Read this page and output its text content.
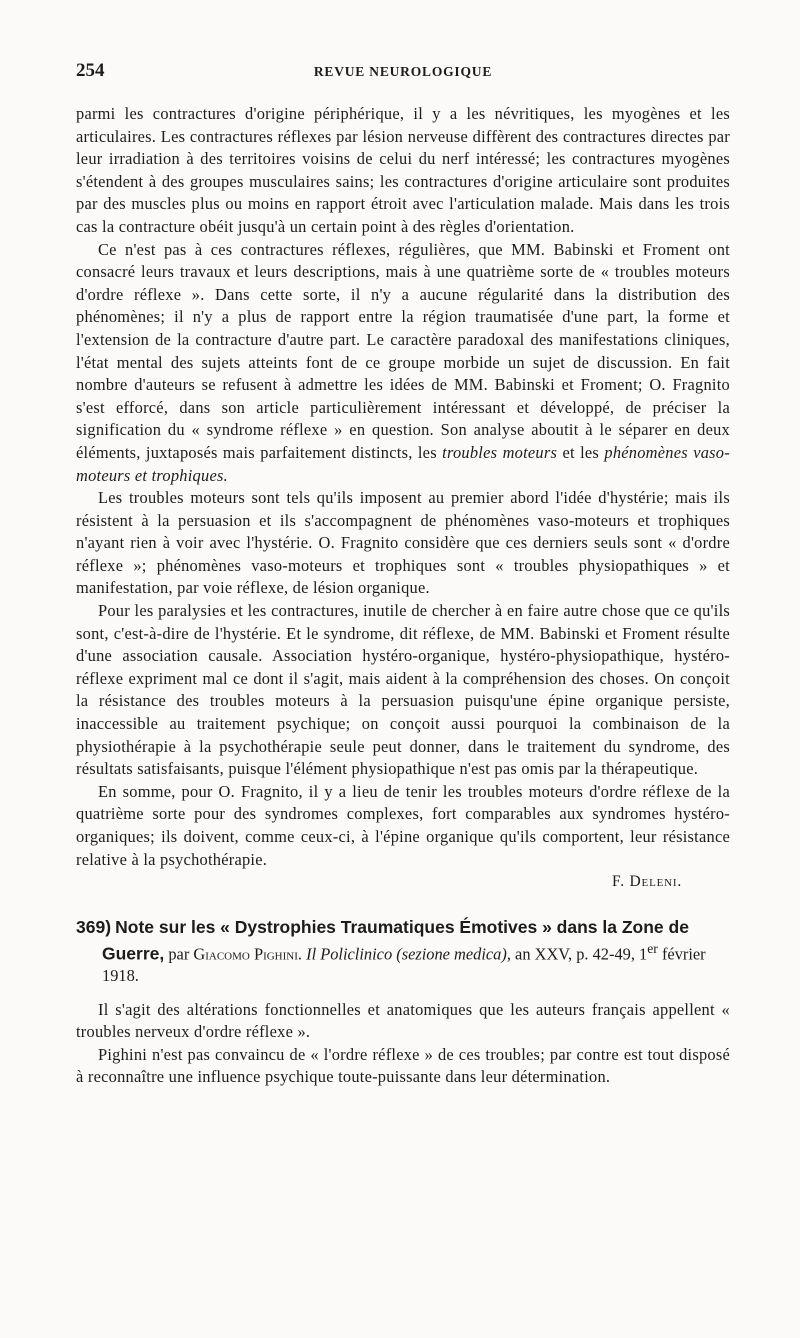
254	REVUE NEUROLOGIQUE

parmi les contractures d'origine périphérique, il y a les névritiques, les myogènes et les articulaires. Les contractures réflexes par lésion nerveuse diffèrent des contractures directes par leur irradiation à des territoires voisins de celui du nerf intéressé; les contractures myogènes s'étendent à des groupes musculaires sains; les contractures d'origine articulaire sont produites par des muscles plus ou moins en rapport étroit avec l'articulation malade. Mais dans les trois cas la contracture obéit jusqu'à un certain point à des règles d'orientation.

Ce n'est pas à ces contractures réflexes, régulières, que MM. Babinski et Froment ont consacré leurs travaux et leurs descriptions, mais à une quatrième sorte de « troubles moteurs d'ordre réflexe ». Dans cette sorte, il n'y a aucune régularité dans la distribution des phénomènes; il n'y a plus de rapport entre la région traumatisée d'une part, la forme et l'extension de la contracture d'autre part. Le caractère paradoxal des manifestations cliniques, l'état mental des sujets atteints font de ce groupe morbide un sujet de discussion. En fait nombre d'auteurs se refusent à admettre les idées de MM. Babinski et Froment; O. Fragnito s'est efforcé, dans son article particulièrement intéressant et développé, de préciser la signification du « syndrome réflexe » en question. Son analyse aboutit à le séparer en deux éléments, juxtaposés mais parfaitement distincts, les troubles moteurs et les phénomènes vaso-moteurs et trophiques.

Les troubles moteurs sont tels qu'ils imposent au premier abord l'idée d'hystérie; mais ils résistent à la persuasion et ils s'accompagnent de phénomènes vaso-moteurs et trophiques n'ayant rien à voir avec l'hystérie. O. Fragnito considère que ces derniers seuls sont « d'ordre réflexe »; phénomènes vaso-moteurs et trophiques sont « troubles physiopathiques » et manifestation, par voie réflexe, de lésion organique.

Pour les paralysies et les contractures, inutile de chercher à en faire autre chose que ce qu'ils sont, c'est-à-dire de l'hystérie. Et le syndrome, dit réflexe, de MM. Babinski et Froment résulte d'une association causale. Association hystéro-organique, hystéro-physiopathique, hystéro-réflexe expriment mal ce dont il s'agit, mais aident à la compréhension des choses. On conçoit la résistance des troubles moteurs à la persuasion puisqu'une épine organique persiste, inaccessible au traitement psychique; on conçoit aussi pourquoi la combinaison de la physiothérapie à la psychothérapie seule peut donner, dans le traitement du syndrome, des résultats satisfaisants, puisque l'élément physiopathique n'est pas omis par la thérapeutique.

En somme, pour O. Fragnito, il y a lieu de tenir les troubles moteurs d'ordre réflexe de la quatrième sorte pour des syndromes complexes, fort comparables aux syndromes hystéro-organiques; ils doivent, comme ceux-ci, à l'épine organique qu'ils comportent, leur résistance relative à la psychothérapie.

F. Deleni.

369) Note sur les « Dystrophies Traumatiques Émotives » dans la Zone de Guerre, par Giacomo Pighini. Il Policlinico (sezione medica), an XXV, p. 42-49, 1er février 1918.

Il s'agit des altérations fonctionnelles et anatomiques que les auteurs français appellent « troubles nerveux d'ordre réflexe ».

Pighini n'est pas convaincu de « l'ordre réflexe » de ces troubles; par contre est tout disposé à reconnaître une influence psychique toute-puissante dans leur détermination.
